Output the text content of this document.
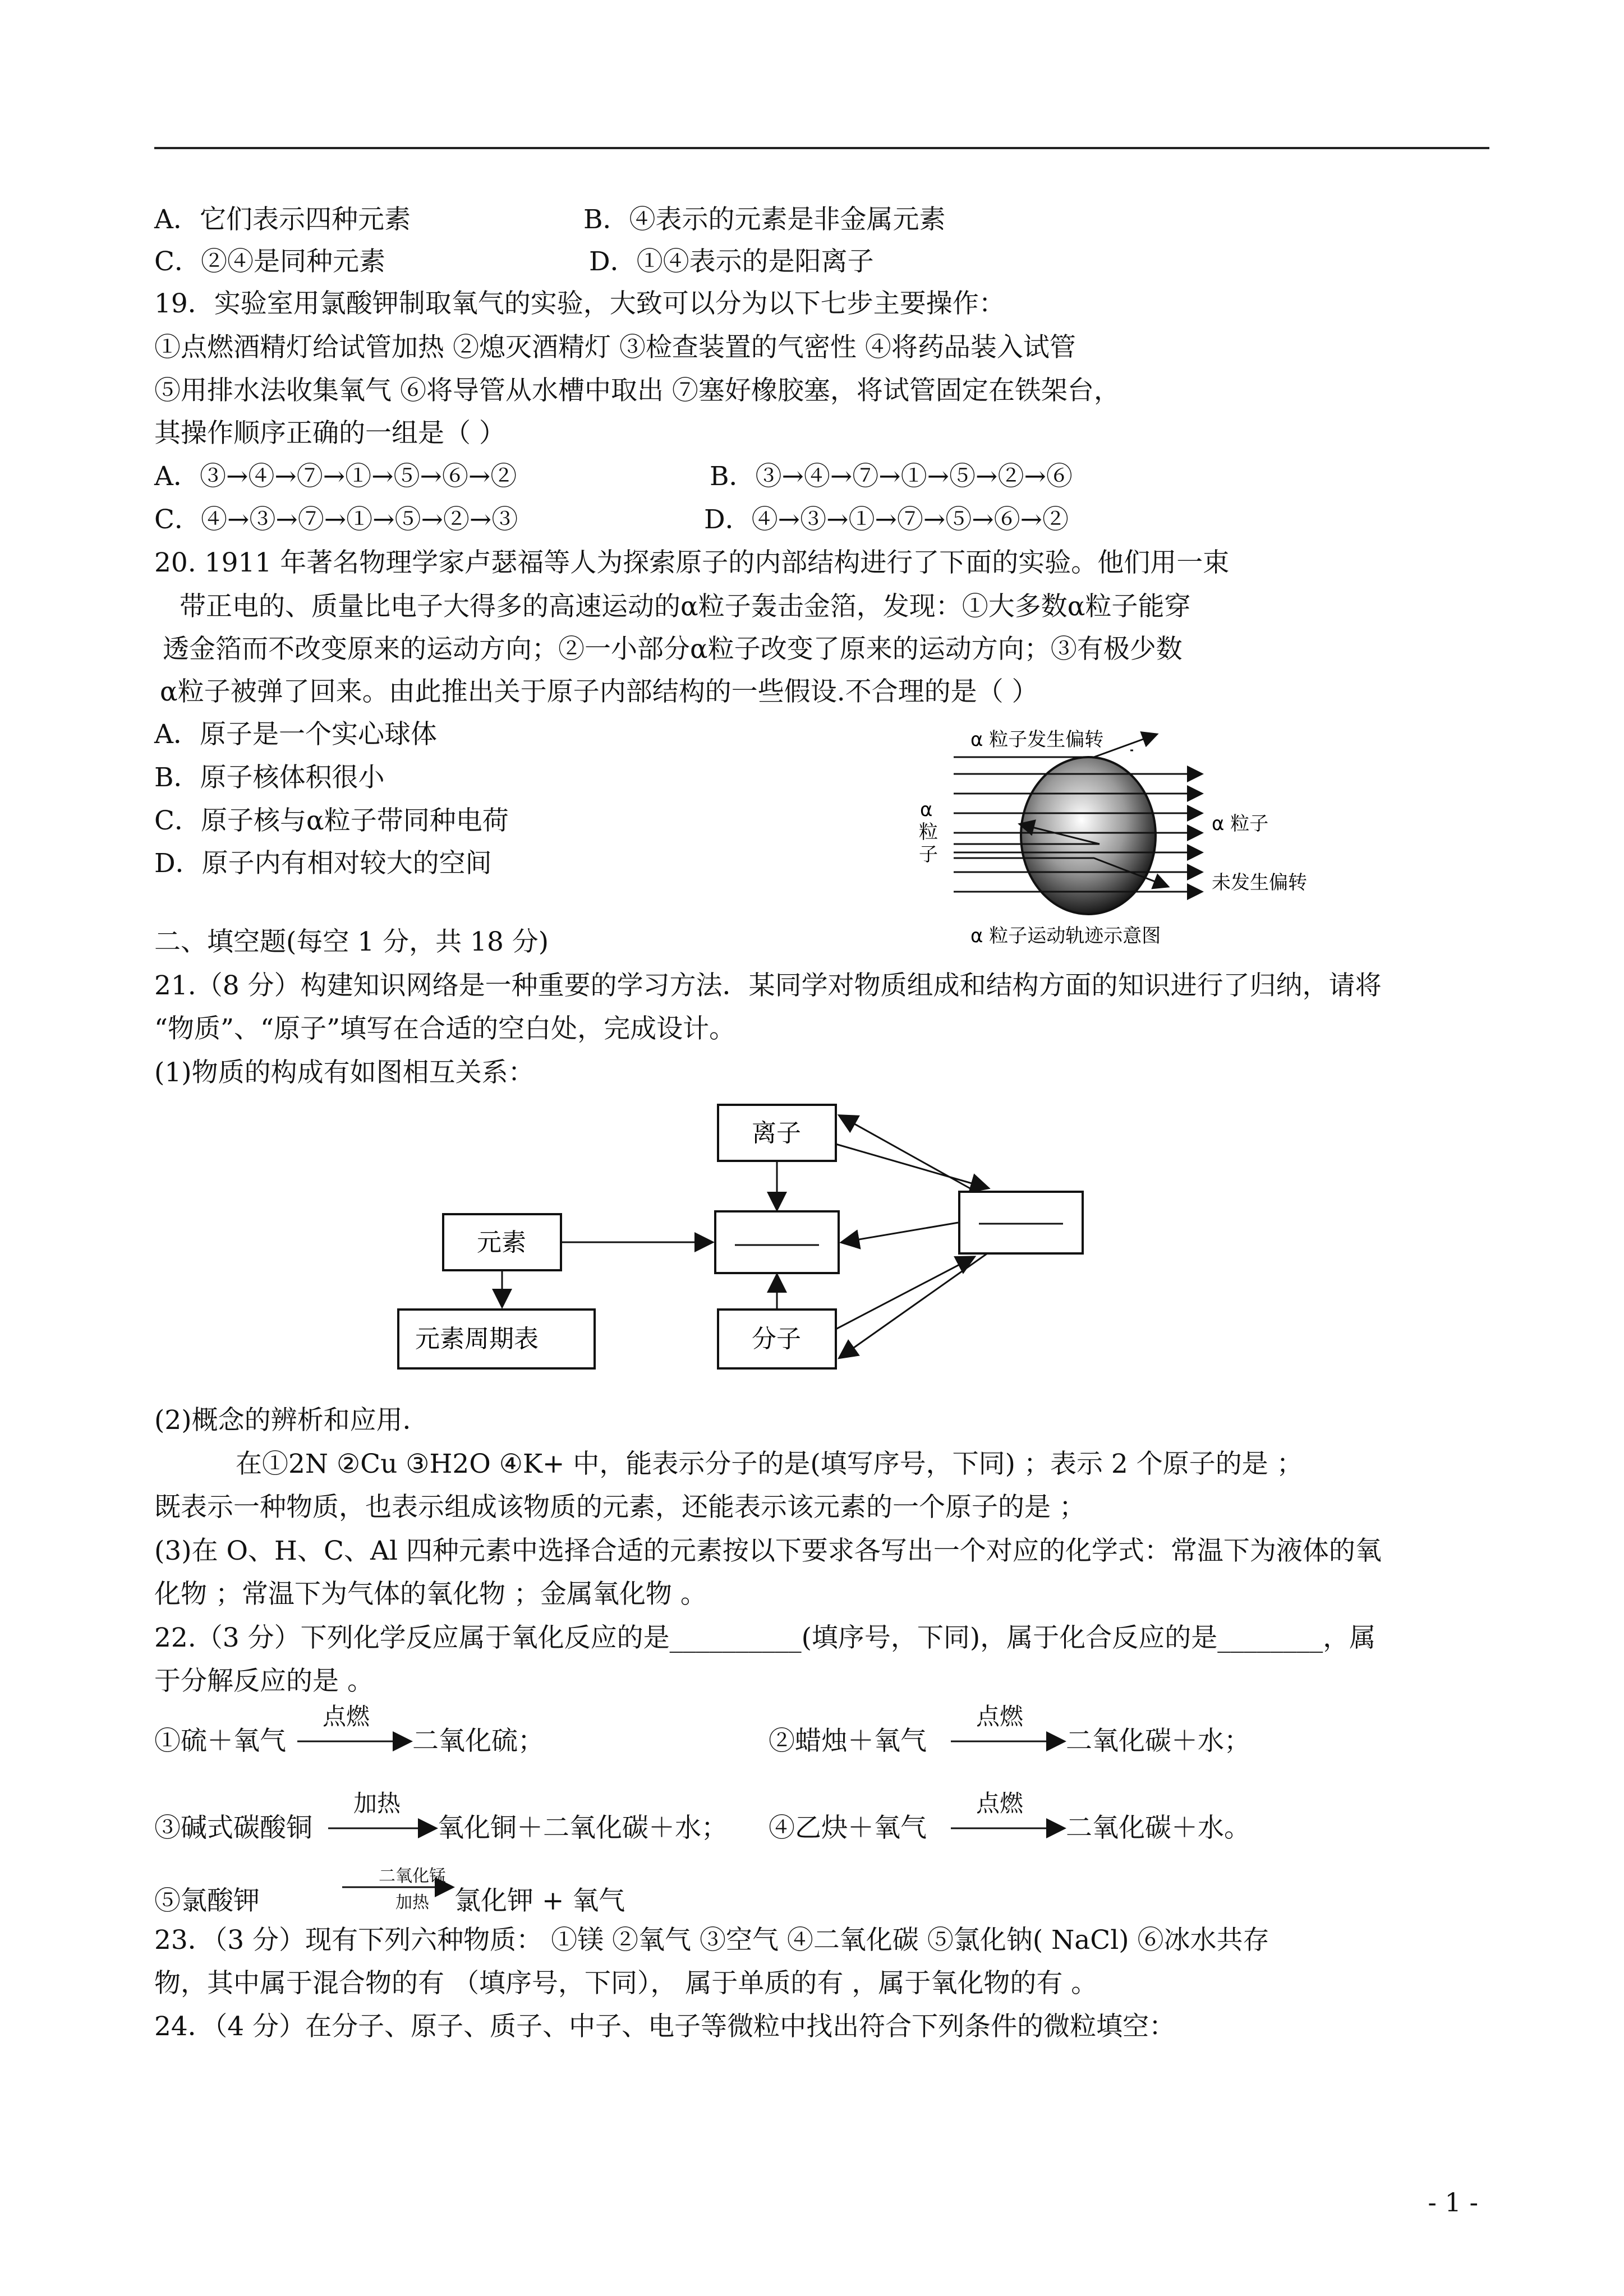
A．它们表示四种元素	B．④表示的元素是非金属元素
C．②④是同种元素	D．①④表示的是阳离子
19．实验室用氯酸钾制取氧气的实验，大致可以分为以下七步主要操作：
①点燃酒精灯给试管加热 ②熄灭酒精灯 ③检查装置的气密性 ④将药品装入试管
⑤用排水法收集氧气 ⑥将导管从水槽中取出 ⑦塞好橡胶塞，将试管固定在铁架台，
其操作顺序正确的一组是（ ）
A．③→④→⑦→①→⑤→⑥→②	B．③→④→⑦→①→⑤→②→⑥
C．④→③→⑦→①→⑤→②→③	D．④→③→①→⑦→⑤→⑥→②
20. 1911 年著名物理学家卢瑟福等人为探索原子的内部结构进行了下面的实验。他们用一束
带正电的、质量比电子大得多的高速运动的α粒子轰击金箔，发现：①大多数α粒子能穿
透金箔而不改变原来的运动方向；②一小部分α粒子改变了原来的运动方向；③有极少数
α粒子被弹了回来。由此推出关于原子内部结构的一些假设.不合理的是（ ）
A．原子是一个实心球体
B．原子核体积很小
C．原子核与α粒子带同种电荷
D．原子内有相对较大的空间
α 粒子发生偏转
α
粒
子
α 粒子
未发生偏转
α 粒子运动轨迹示意图
二、填空题(每空 1 分，共 18 分)
21.（8 分）构建知识网络是一种重要的学习方法．某同学对物质组成和结构方面的知识进行了归纳，请将
“物质”、“原子”填写在合适的空白处，完成设计。
(1)物质的构成有如图相互关系：
离子
元素
元素周期表	分子
(2)概念的辨析和应用．
在①2N ②Cu ③H2O ④K+ 中，能表示分子的是(填写序号，下同) ；表示 2 个原子的是 ；
既表示一种物质，也表示组成该物质的元素，还能表示该元素的一个原子的是 ；
(3)在 O、H、C、Al 四种元素中选择合适的元素按以下要求各写出一个对应的化学式：常温下为液体的氧
化物 ；常温下为气体的氧化物 ；金属氧化物 。
22.（3 分）下列化学反应属于氧化反应的是__________(填序号，下同)，属于化合反应的是________，属
于分解反应的是 。
①硫＋氧气
点燃
二氧化硫；	②蜡烛＋氧气
点燃
二氧化碳＋水；
③碱式碳酸铜
加热
氧化铜＋二氧化碳＋水； ④乙炔＋氧气
点燃
二氧化碳＋水。
⑤氯酸钾
二氧化锰
加热 氯化钾 + 氧气
23．（3 分）现有下列六种物质： ①镁 ②氧气 ③空气 ④二氧化碳 ⑤氯化钠( NaCl) ⑥冰水共存
物，其中属于混合物的有 （填序号，下同）， 属于单质的有 ，属于氧化物的有 。
24．（4 分）在分子、原子、质子、中子、电子等微粒中找出符合下列条件的微粒填空：
- 1 -
